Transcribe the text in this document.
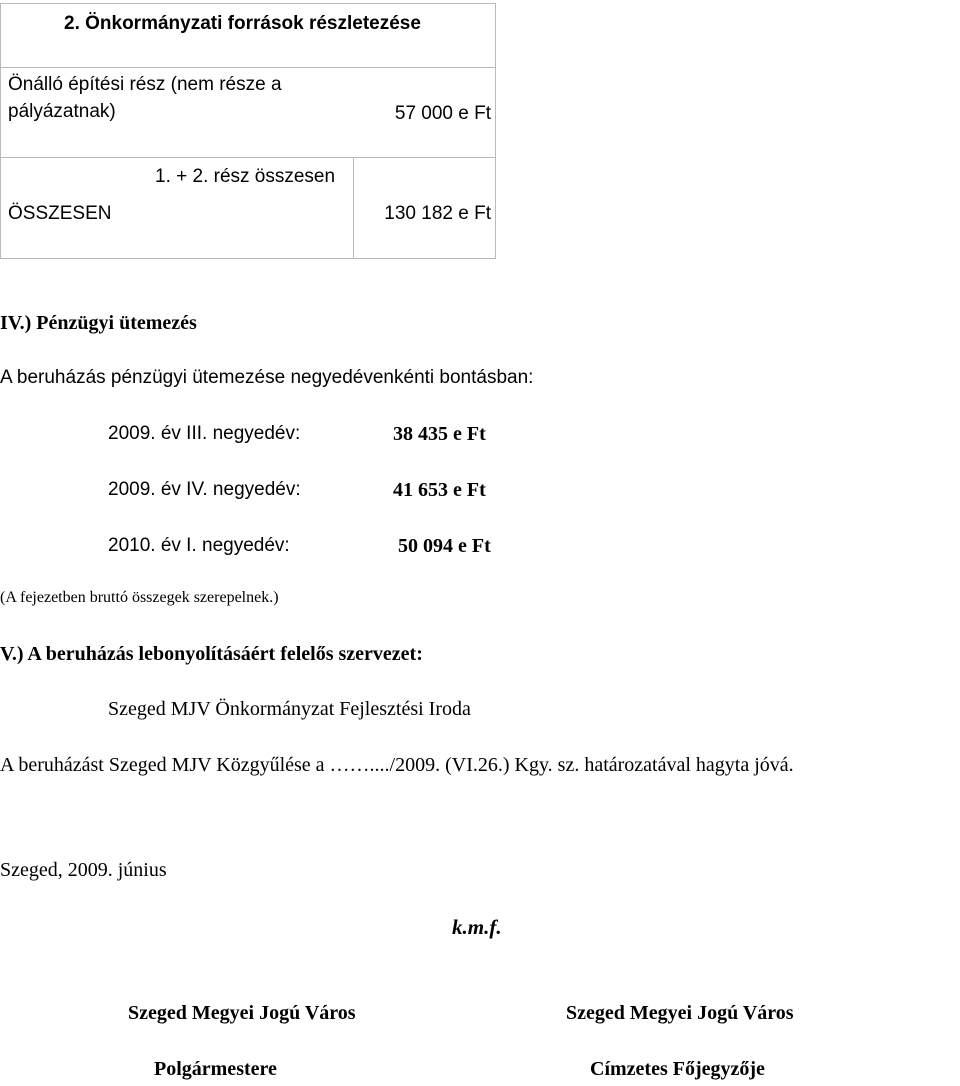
2. Önkormányzati források részletezése
Önálló építési rész (nem része a
pályázatnak)	57 000 e Ft
1. + 2. rész összesen
ÖSSZESEN	130 182 e Ft
IV.) Pénzügyi ütemezés
A beruházás pénzügyi ütemezése negyedévenkénti bontásban:
2009. év III. negyedév:	38 435 e Ft
2009. év IV. negyedév:	41 653 e Ft
2010. év I. negyedév:	50 094 e Ft
(A fejezetben bruttó összegek szerepelnek.)
V.) A beruházás lebonyolításáért felelős szervezet:
Szeged MJV Önkormányzat Fejlesztési Iroda
A beruházást Szeged MJV Közgyűlése a ……..../2009. (VI.26.) Kgy. sz. határozatával hagyta jóvá.
Szeged, 2009. június
k.m.f.
Szeged Megyei Jogú Város
Polgármestere
Szeged Megyei Jogú Város
Címzetes Főjegyzője
